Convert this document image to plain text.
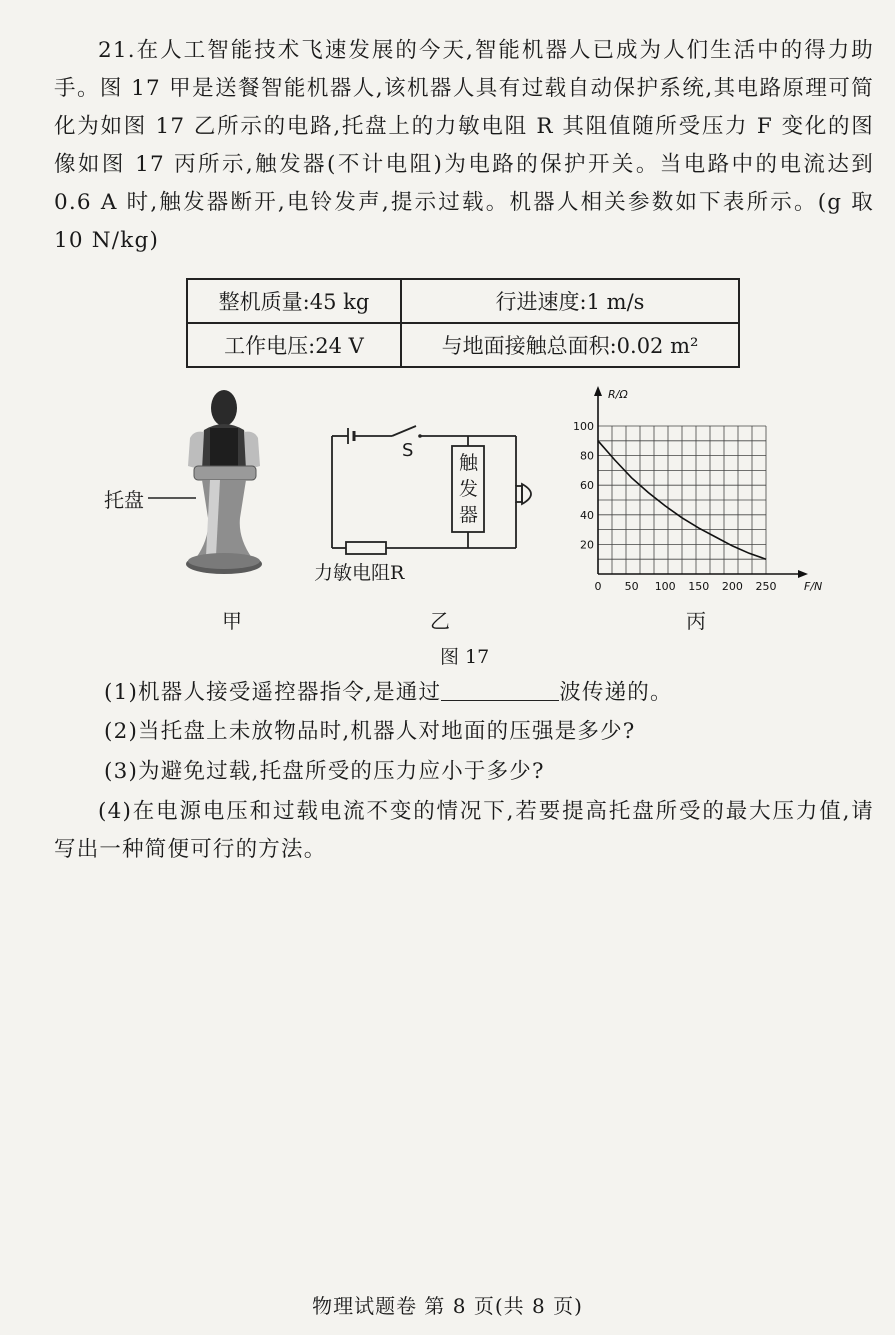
21.在人工智能技术飞速发展的今天,智能机器人已成为人们生活中的得力助手。图 17 甲是送餐智能机器人,该机器人具有过载自动保护系统,其电路原理可简化为如图 17 乙所示的电路,托盘上的力敏电阻 R 其阻值随所受压力 F 变化的图像如图 17 丙所示,触发器(不计电阻)为电路的保护开关。当电路中的电流达到 0.6 A 时,触发器断开,电铃发声,提示过载。机器人相关参数如下表所示。(g 取 10 N/kg)
整机质量:45 kg	行进速度:1 m/s
工作电压:24 V	与地面接触总面积:0.02 m²
托盘
S
触发器
力敏电阻R
0 50 100 150 200 250
20
40
60
80
100
R/Ω
F/N
甲	乙	丙
图 17
(1)机器人接受遥控器指令,是通过	波传递的。
(2)当托盘上未放物品时,机器人对地面的压强是多少?
(3)为避免过载,托盘所受的压力应小于多少?
(4)在电源电压和过载电流不变的情况下,若要提高托盘所受的最大压力值,请写出一种简便可行的方法。
物理试题卷 第 8 页(共 8 页)
